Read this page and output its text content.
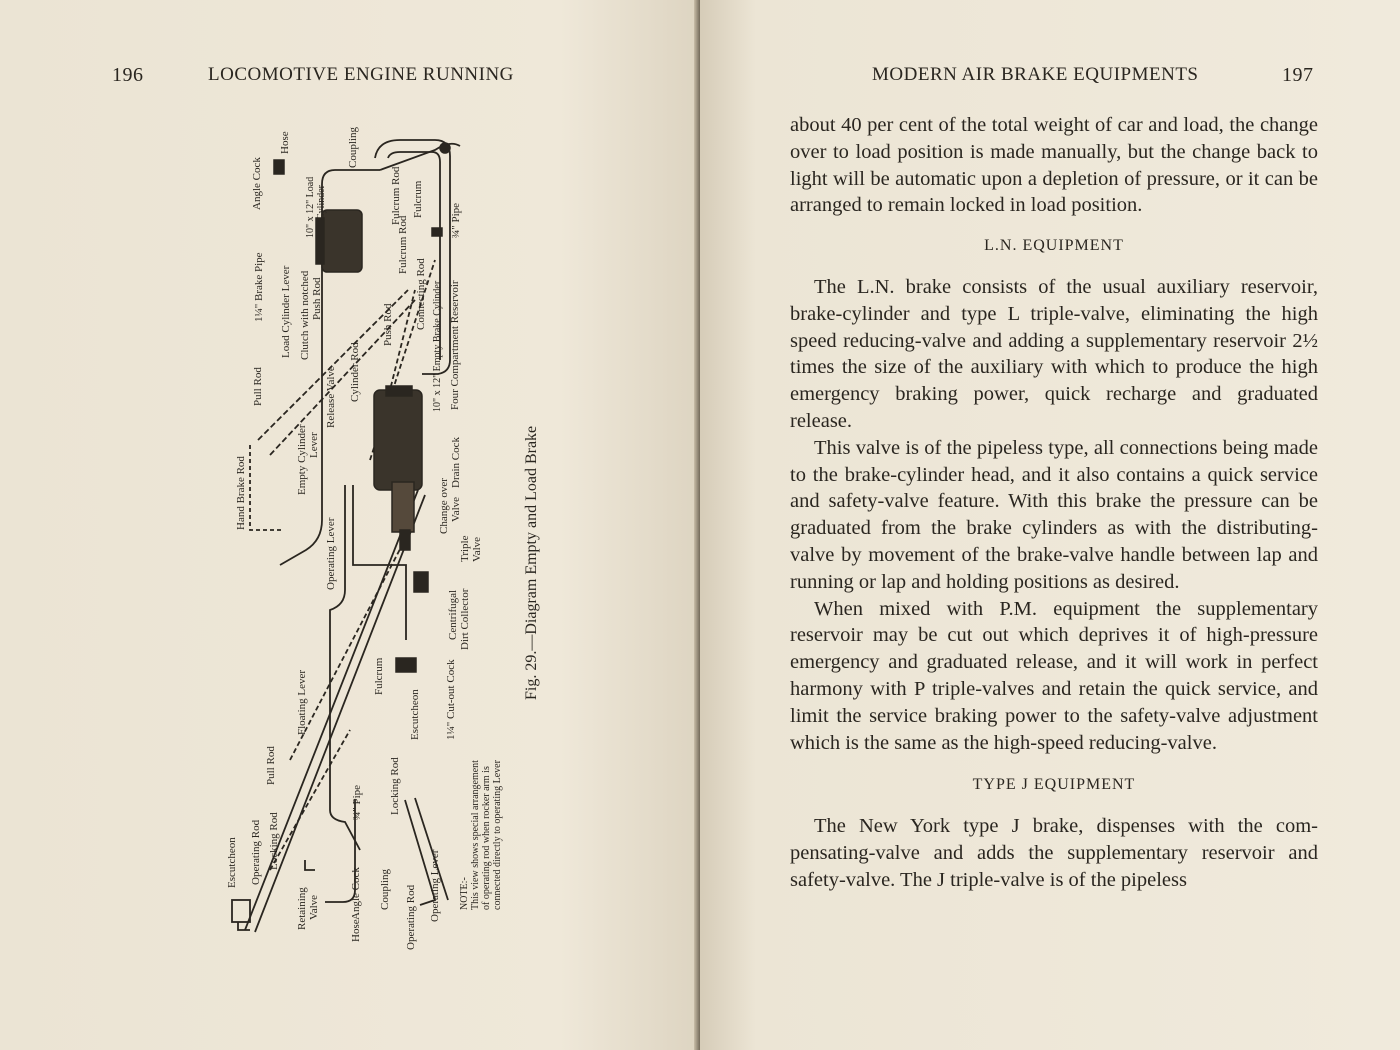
196	LOCOMOTIVE ENGINE RUNNING
Hose
Angle Cock
Coupling
10" x 12" Load Cylinder
1¼" Brake Pipe Load Cylinder Lever Clutch with notched Push Rod
Fulcrum Rod Fulcrum
¾" Pipe
Pull Rod
Fulcrum Rod
Connecting Rod 10" x 12" Empty Brake Cylinder Four Compartment Reservoir
Push Rod
Cylinder Rod
Release Valve
Empty Cylinder Lever
Hand Brake Rod	Drain Cock
Change over Valve
Operating Lever	Triple Valve
Centrifugal Dirt Collector
1¼" Cut-out Cock
Floating Lever	Fulcrum
Escutcheon
Pull Rod	Locking Rod
¾" Pipe
NOTE:- This view shows special arrangement of operating rod when rocker arm is connected directly to operating Lever
Escutcheon Operating Rod Locking Rod
Retaining Valve
Hose
Angle Cock Coupling Operating Rod Operating Lever
Fig. 29.—Diagram Empty and Load Brake
MODERN AIR BRAKE EQUIPMENTS	197

about 40 per cent of the total weight of car and load, the change over to load position is made manually, but the change back to light will be automatic upon a depletion of pressure, or it can be arranged to remain locked in load position.

L.N. EQUIPMENT

The L.N. brake consists of the usual auxiliary reservoir, brake-cylinder and type L triple-valve, eliminating the high speed reducing-valve and adding a supplementary reservoir 2½ times the size of the auxiliary with which to produce the high emergency braking power, quick recharge and graduated release.

This valve is of the pipeless type, all connections being made to the brake-cylinder head, and it also contains a quick service and safety-valve feature. With this brake the pressure can be graduated from the brake cylinders as with the distributing-valve by movement of the brake-valve handle between lap and running or lap and holding positions as desired.

When mixed with P.M. equipment the supplementary reservoir may be cut out which deprives it of high-pressure emergency and graduated release, and it will work in perfect harmony with P triple-valves and retain the quick service, and limit the service braking power to the safety-valve adjustment which is the same as the high-speed reducing-valve.

TYPE J EQUIPMENT

The New York type J brake, dispenses with the compensating-valve and adds the supplementary reservoir and safety-valve. The J triple-valve is of the pipeless
